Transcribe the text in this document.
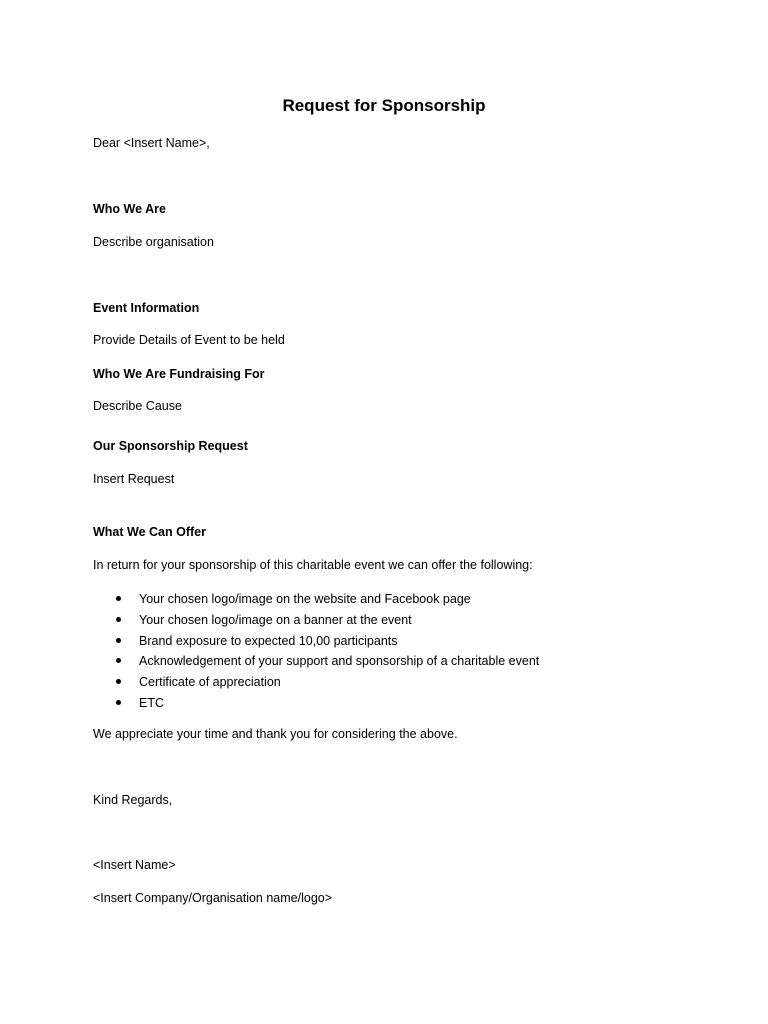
Request for Sponsorship

Dear <Insert Name>,

Who We Are

Describe organisation

Event Information

Provide Details of Event to be held

Who We Are Fundraising For

Describe Cause

Our Sponsorship Request

Insert Request

What We Can Offer

In return for your sponsorship of this charitable event we can offer the following:

Your chosen logo/image on the website and Facebook page
Your chosen logo/image on a banner at the event
Brand exposure to expected 10,00 participants
Acknowledgement of your support and sponsorship of a charitable event
Certificate of appreciation
ETC

We appreciate your time and thank you for considering the above.

Kind Regards,

<Insert Name>

<Insert Company/Organisation name/logo>
